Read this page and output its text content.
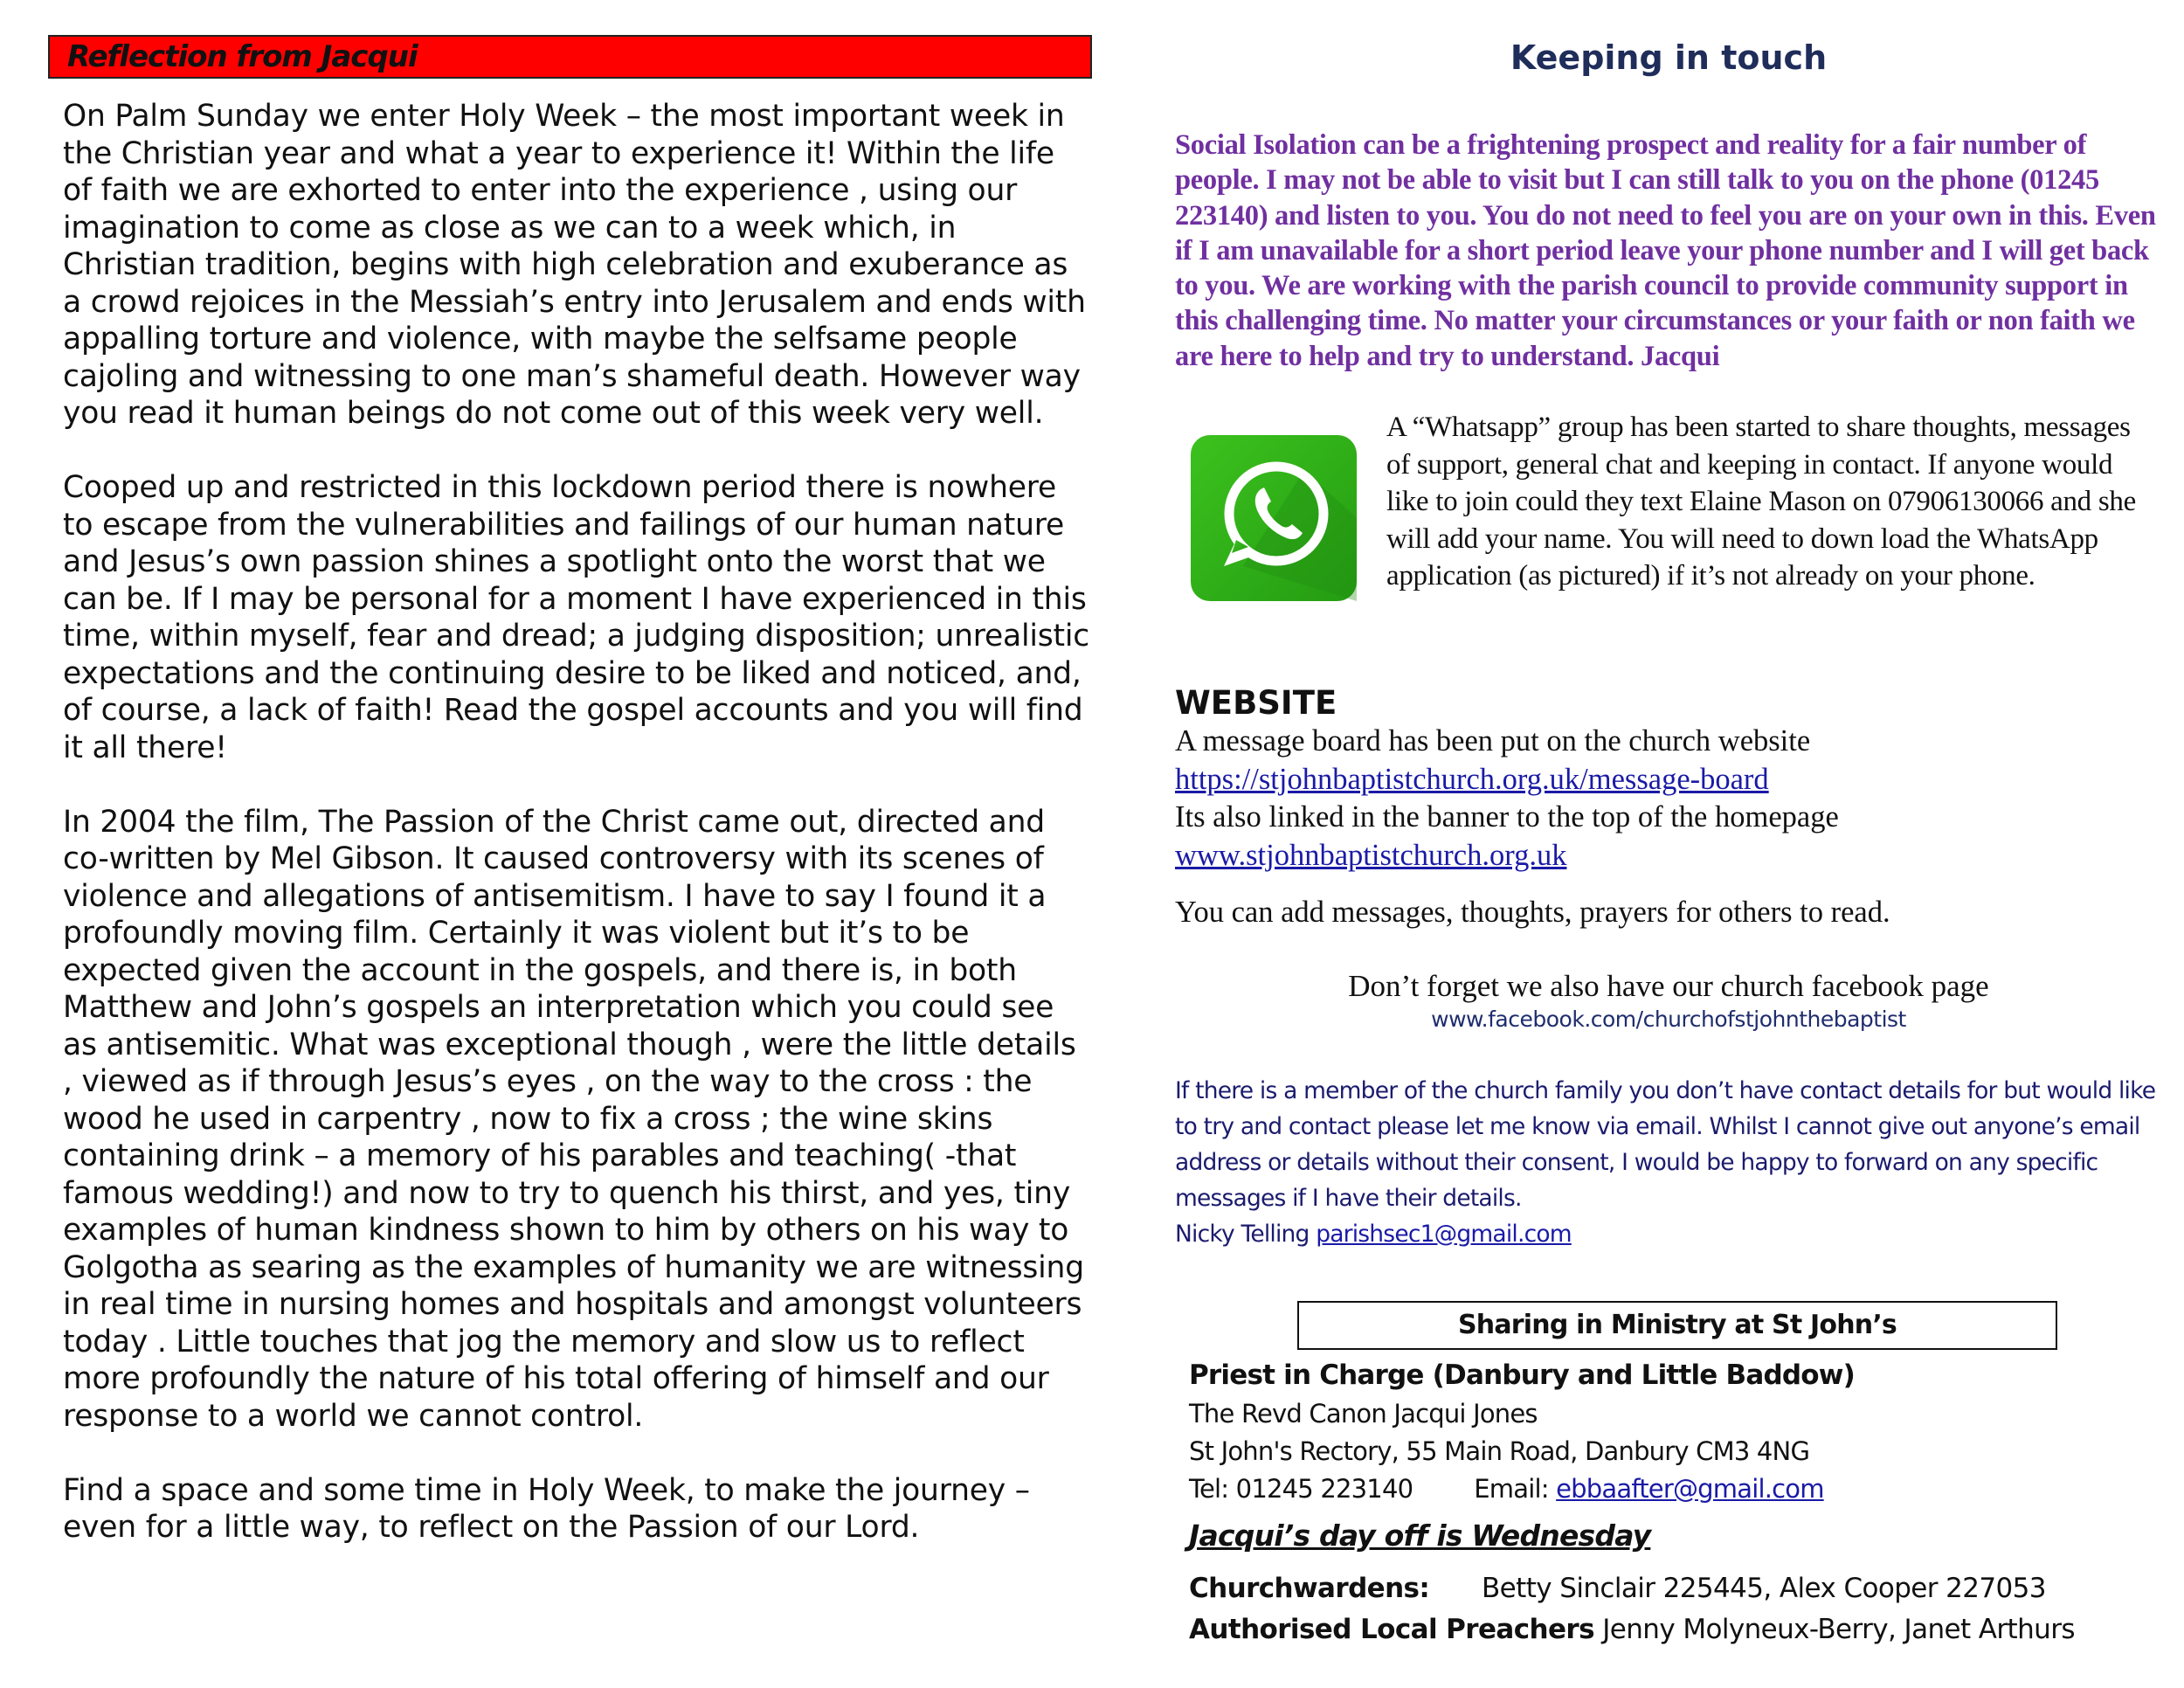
Reflection from Jacqui

On Palm Sunday we enter Holy Week – the most important week in the Christian year and what a year to experience it! Within the life of faith we are exhorted to enter into the experience , using our imagination to come as close as we can to a week which, in Christian tradition, begins with high celebration and exuberance as a crowd rejoices in the Messiah’s entry into Jerusalem and ends with appalling torture and violence, with maybe the selfsame people cajoling and witnessing to one man’s shameful death. However way you read it human beings do not come out of this week very well.

Cooped up and restricted in this lockdown period there is nowhere to escape from the vulnerabilities and failings of our human nature and Jesus’s own passion shines a spotlight onto the worst that we can be. If I may be personal for a moment I have experienced in this time, within myself, fear and dread; a judging disposition; unrealistic expectations and the continuing desire to be liked and noticed, and, of course, a lack of faith! Read the gospel accounts and you will find it all there!

In 2004 the film, The Passion of the Christ came out, directed and co-written by Mel Gibson. It caused controversy with its scenes of violence and allegations of antisemitism. I have to say I found it a profoundly moving film. Certainly it was violent but it’s to be expected given the account in the gospels, and there is, in both Matthew and John’s gospels an interpretation which you could see as antisemitic. What was exceptional though , were the little details , viewed as if through Jesus’s eyes , on the way to the cross : the wood he used in carpentry , now to fix a cross ; the wine skins containing drink – a memory of his parables and teaching( -that famous wedding!) and now to try to quench his thirst, and yes, tiny examples of human kindness shown to him by others on his way to Golgotha as searing as the examples of humanity we are witnessing in real time in nursing homes and hospitals and amongst volunteers today . Little touches that jog the memory and slow us to reflect more profoundly the nature of his total offering of himself and our response to a world we cannot control.

Find a space and some time in Holy Week, to make the journey – even for a little way, to reflect on the Passion of our Lord.

Keeping in touch
Social Isolation can be a frightening prospect and reality for a fair number of people. I may not be able to visit but I can still talk to you on the phone (01245 223140) and listen to you. You do not need to feel you are on your own in this. Even if I am unavailable for a short period leave your phone number and I will get back to you. We are working with the parish council to provide community support in this challenging time. No matter your circumstances or your faith or non faith we are here to help and try to understand. Jacqui
A “Whatsapp” group has been started to share thoughts, messages of support, general chat and keeping in contact. If anyone would like to join could they text Elaine Mason on 07906130066 and she will add your name. You will need to down load the WhatsApp application (as pictured) if it’s not already on your phone.
WEBSITE
A message board has been put on the church website
https://stjohnbaptistchurch.org.uk/message-board
Its also linked in the banner to the top of the homepage
www.stjohnbaptistchurch.org.uk
You can add messages, thoughts, prayers for others to read.
Don’t forget we also have our church facebook page
www.facebook.com/churchofstjohnthebaptist
If there is a member of the church family you don’t have contact details for but would like to try and contact please let me know via email. Whilst I cannot give out anyone’s email address or details without their consent, I would be happy to forward on any specific messages if I have their details.
Nicky Telling parishsec1@gmail.com
Sharing in Ministry at St John’s
Priest in Charge (Danbury and Little Baddow)
The Revd Canon Jacqui Jones
St John's Rectory, 55 Main Road, Danbury CM3 4NG
Tel: 01245 223140 Email: ebbaafter@gmail.com
Jacqui’s day off is Wednesday
Churchwardens: Betty Sinclair 225445, Alex Cooper 227053
Authorised Local Preachers Jenny Molyneux-Berry, Janet Arthurs
